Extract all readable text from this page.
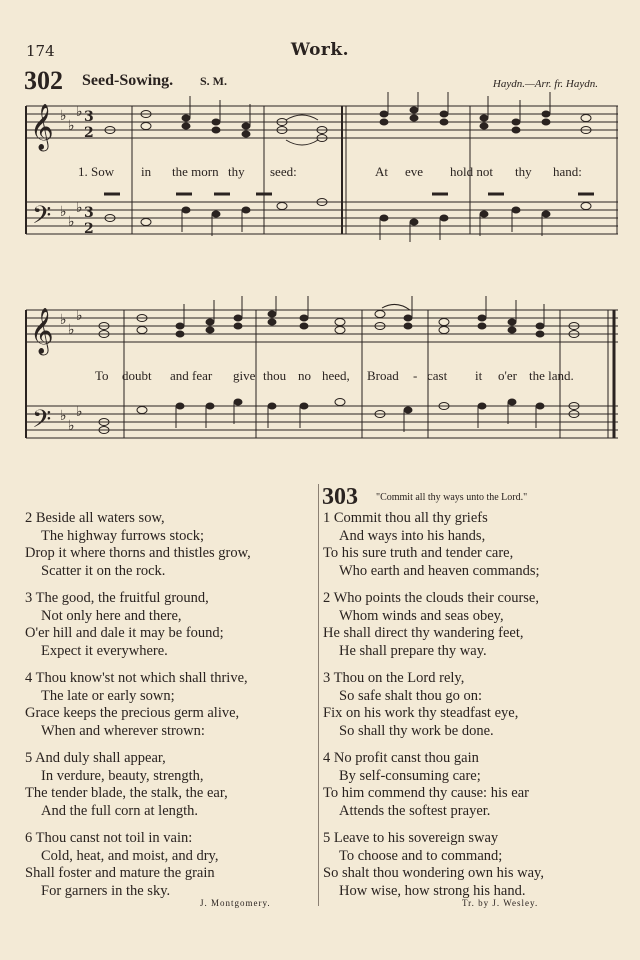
174	Work.
302 Seed-Sowing. S. M.	Haydn.—Arr. fr. Haydn.
𝄞
𝄢
♭
♭
♭
♭
♭
♭
3
2
3
2
1. Sow in the morn thy seed:	At eve hold not thy hand:
𝄞
𝄢
♭
♭
♭
♭
♭
♭
To doubt and fear give thou no heed, Broad - cast it o'er the land.
2 Beside all waters sow,
The highway furrows stock;
Drop it where thorns and thistles grow,
Scatter it on the rock.
3 The good, the fruitful ground,
Not only here and there,
O'er hill and dale it may be found;
Expect it everywhere.
4 Thou know'st not which shall thrive,
The late or early sown;
Grace keeps the precious germ alive,
When and wherever strown:
5 And duly shall appear,
In verdure, beauty, strength,
The tender blade, the stalk, the ear,
And the full corn at length.
6 Thou canst not toil in vain:
Cold, heat, and moist, and dry,
Shall foster and mature the grain
For garners in the sky.
J. Montgomery.
303 "Commit all thy ways unto the Lord."
1 Commit thou all thy griefs
And ways into his hands,
To his sure truth and tender care,
Who earth and heaven commands;
2 Who points the clouds their course,
Whom winds and seas obey,
He shall direct thy wandering feet,
He shall prepare thy way.
3 Thou on the Lord rely,
So safe shalt thou go on:
Fix on his work thy steadfast eye,
So shall thy work be done.
4 No profit canst thou gain
By self-consuming care;
To him commend thy cause: his ear
Attends the softest prayer.
5 Leave to his sovereign sway
To choose and to command;
So shalt thou wondering own his way,
How wise, how strong his hand.
Tr. by J. Wesley.
